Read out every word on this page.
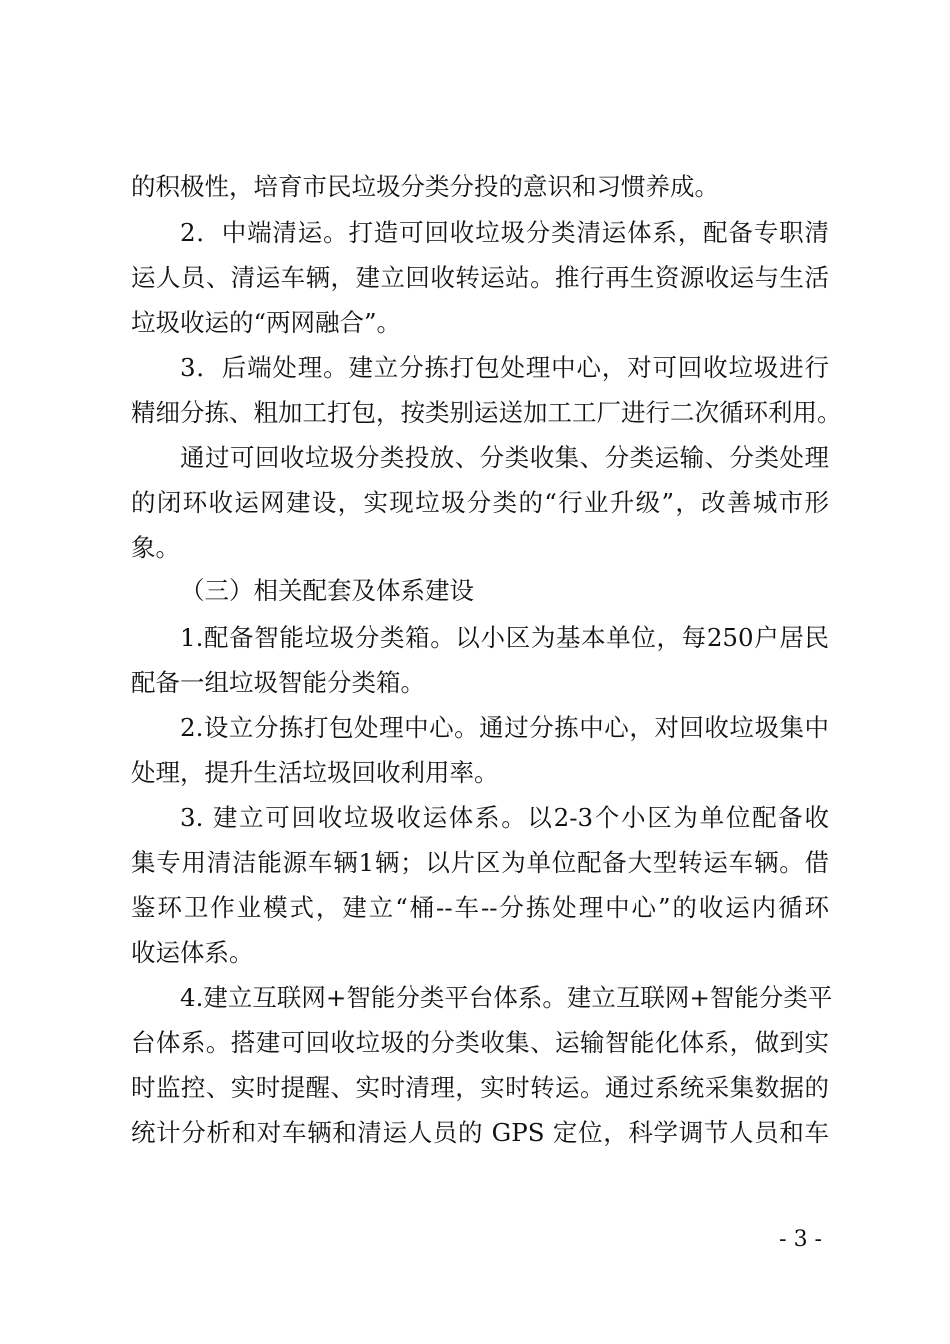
的积极性，培育市民垃圾分类分投的意识和习惯养成。
2．中端清运。打造可回收垃圾分类清运体系，配备专职清
运人员、清运车辆，建立回收转运站。推行再生资源收运与生活
垃圾收运的“两网融合”。
3．后端处理。建立分拣打包处理中心，对可回收垃圾进行
精细分拣、粗加工打包，按类别运送加工工厂进行二次循环利用。
通过可回收垃圾分类投放、分类收集、分类运输、分类处理
的闭环收运网建设，实现垃圾分类的“行业升级”，改善城市形
象。
（三）相关配套及体系建设
1.配备智能垃圾分类箱。以小区为基本单位，每250户居民
配备一组垃圾智能分类箱。
2.设立分拣打包处理中心。通过分拣中心，对回收垃圾集中
处理，提升生活垃圾回收利用率。
3. 建立可回收垃圾收运体系。以2-3个小区为单位配备收
集专用清洁能源车辆1辆；以片区为单位配备大型转运车辆。借
鉴环卫作业模式，建立“桶--车--分拣处理中心”的收运内循环
收运体系。
4.建立互联网+智能分类平台体系。建立互联网+智能分类平
台体系。搭建可回收垃圾的分类收集、运输智能化体系，做到实
时监控、实时提醒、实时清理，实时转运。通过系统采集数据的
统计分析和对车辆和清运人员的 GPS 定位，科学调节人员和车
- 3 -
